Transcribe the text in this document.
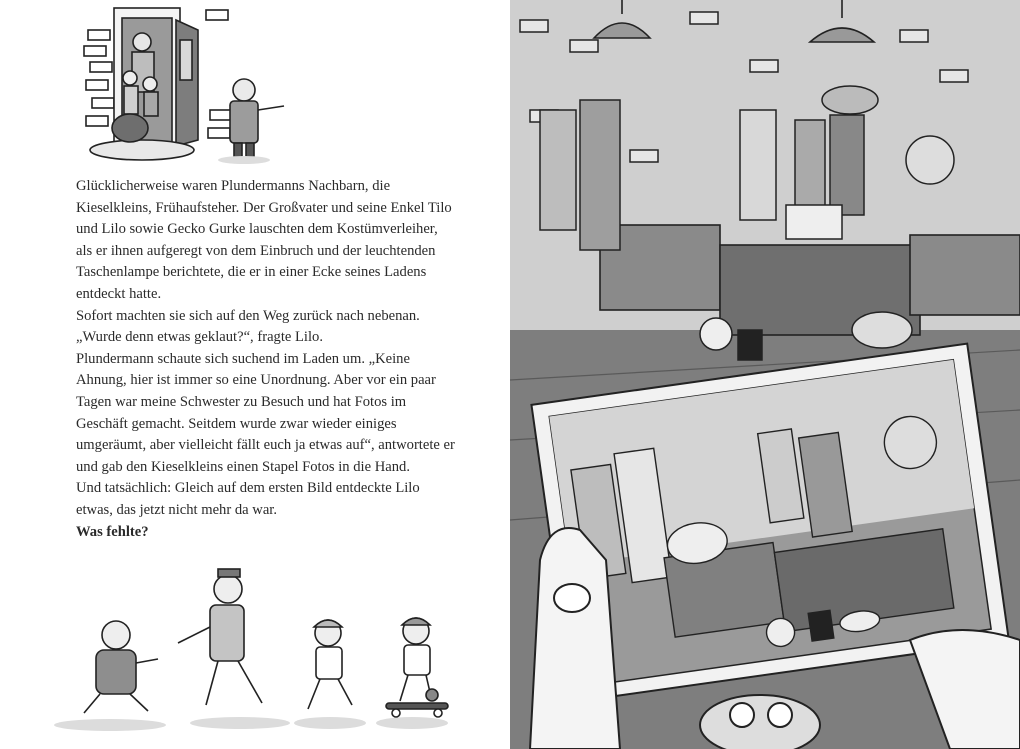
Glücklicherweise waren Plundermanns Nachbarn, die Kieselkleins, Frühaufsteher. Der Großvater und seine Enkel Tilo und Lilo sowie Gecko Gurke lauschten dem Kostümverleiher, als er ihnen aufgeregt von dem Einbruch und der leuchtenden Taschenlampe berichtete, die er in einer Ecke seines Ladens entdeckt hatte.

Sofort machten sie sich auf den Weg zurück nach nebenan.

„Wurde denn etwas geklaut?“, fragte Lilo.

Plundermann schaute sich suchend im Laden um. „Keine Ahnung, hier ist immer so eine Unordnung. Aber vor ein paar Tagen war meine Schwester zu Besuch und hat Fotos im Geschäft gemacht. Seitdem wurde zwar wieder einiges umgeräumt, aber vielleicht fällt euch ja etwas auf“, antwortete er und gab den Kieselkleins einen Stapel Fotos in die Hand.

Und tatsächlich: Gleich auf dem ersten Bild entdeckte Lilo etwas, das jetzt nicht mehr da war.

Was fehlte?
